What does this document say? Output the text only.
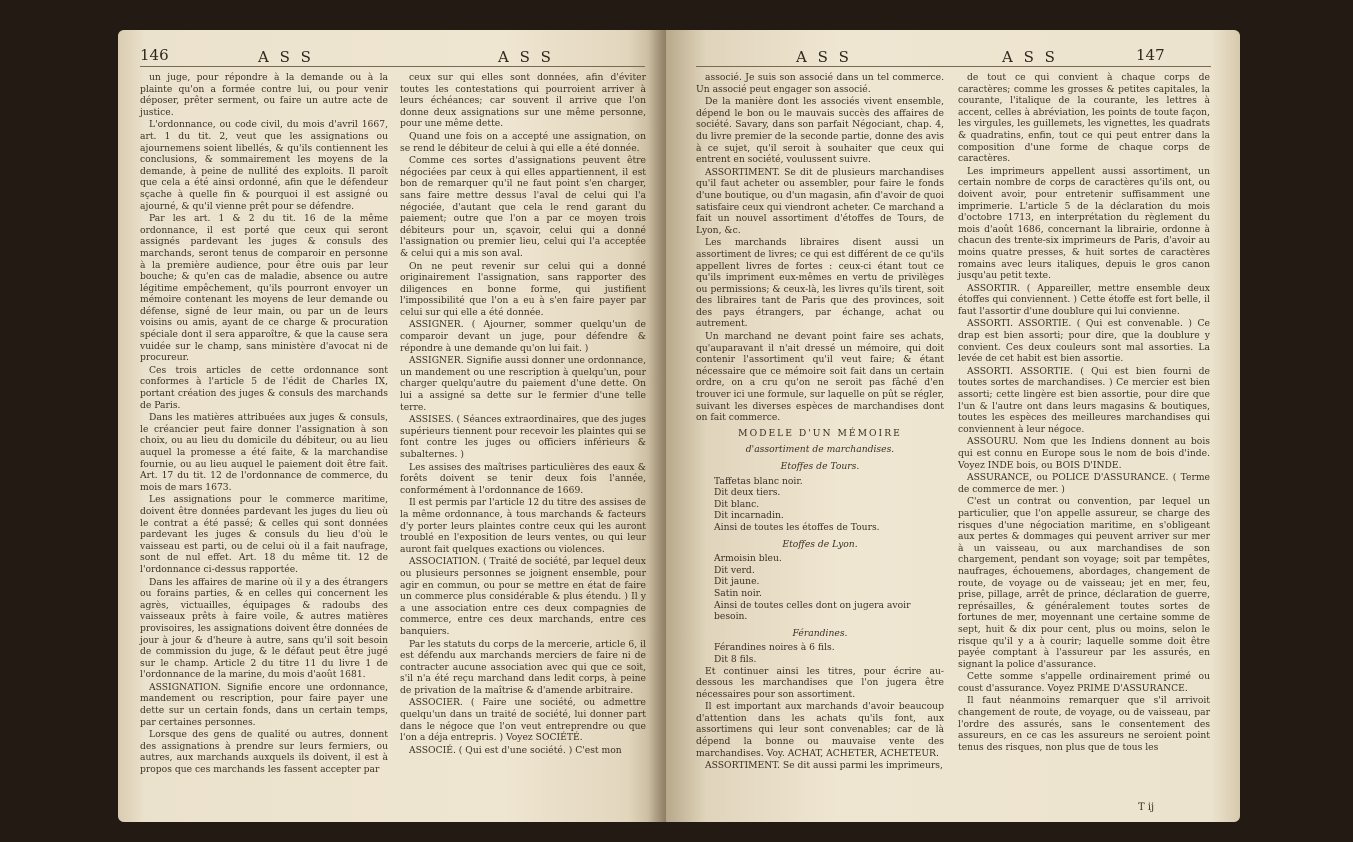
146	A S S	A S S

un juge, pour répondre à la demande ou à la plainte qu'on a formée contre lui, ou pour venir déposer, prêter serment, ou faire un autre acte de justice.

L'ordonnance, ou code civil, du mois d'avril 1667, art. 1 du tit. 2, veut que les assignations ou ajournemens soient libellés, & qu'ils contiennent les conclusions, & sommairement les moyens de la demande, à peine de nullité des exploits. Il paroît que cela a été ainsi ordonné, afin que le défendeur sçache à quelle fin & pourquoi il est assigné ou ajourné, & qu'il vienne prêt pour se défendre.

Par les art. 1 & 2 du tit. 16 de la même ordonnance, il est porté que ceux qui seront assignés pardevant les juges & consuls des marchands, seront tenus de comparoir en personne à la première audience, pour être ouis par leur bouche; & qu'en cas de maladie, absence ou autre légitime empêchement, qu'ils pourront envoyer un mémoire contenant les moyens de leur demande ou défense, signé de leur main, ou par un de leurs voisins ou amis, ayant de ce charge & procuration spéciale dont il sera apparoître, & que la cause sera vuidée sur le champ, sans ministère d'avocat ni de procureur.

Ces trois articles de cette ordonnance sont conformes à l'article 5 de l'édit de Charles IX, portant création des juges & consuls des marchands de Paris.

Dans les matières attribuées aux juges & consuls, le créancier peut faire donner l'assignation à son choix, ou au lieu du domicile du débiteur, ou au lieu auquel la promesse a été faite, & la marchandise fournie, ou au lieu auquel le paiement doit être fait. Art. 17 du tit. 12 de l'ordonnance de commerce, du mois de mars 1673.

Les assignations pour le commerce maritime, doivent être données pardevant les juges du lieu où le contrat a été passé; & celles qui sont données pardevant les juges & consuls du lieu d'où le vaisseau est parti, ou de celui où il a fait naufrage, sont de nul effet. Art. 18 du même tit. 12 de l'ordonnance ci-dessus rapportée.

Dans les affaires de marine où il y a des étrangers ou forains parties, & en celles qui concernent les agrès, victuailles, équipages & radoubs des vaisseaux prêts à faire voile, & autres matières provisoires, les assignations doivent être données de jour à jour & d'heure à autre, sans qu'il soit besoin de commission du juge, & le défaut peut être jugé sur le champ. Article 2 du titre 11 du livre 1 de l'ordonnance de la marine, du mois d'août 1681.

ASSIGNATION. Signifie encore une ordonnance, mandement ou rescription, pour faire payer une dette sur un certain fonds, dans un certain temps, par certaines personnes.

Lorsque des gens de qualité ou autres, donnent des assignations à prendre sur leurs fermiers, ou autres, aux marchands auxquels ils doivent, il est à propos que ces marchands les fassent accepter par

ceux sur qui elles sont données, afin d'éviter toutes les contestations qui pourroient arriver à leurs échéances; car souvent il arrive que l'on donne deux assignations sur une même personne, pour une même dette.

Quand une fois on a accepté une assignation, on se rend le débiteur de celui à qui elle a été donnée.

Comme ces sortes d'assignations peuvent être négociées par ceux à qui elles appartiennent, il est bon de remarquer qu'il ne faut point s'en charger, sans faire mettre dessus l'aval de celui qui l'a négociée, d'autant que cela le rend garant du paiement; outre que l'on a par ce moyen trois débiteurs pour un, sçavoir, celui qui a donné l'assignation ou premier lieu, celui qui l'a acceptée & celui qui a mis son aval.

On ne peut revenir sur celui qui a donné originairement l'assignation, sans rapporter des diligences en bonne forme, qui justifient l'impossibilité que l'on a eu à s'en faire payer par celui sur qui elle a été donnée.

ASSIGNER. ( Ajourner, sommer quelqu'un de comparoir devant un juge, pour défendre & répondre à une demande qu'on lui fait. )

ASSIGNER. Signifie aussi donner une ordonnance, un mandement ou une rescription à quelqu'un, pour charger quelqu'autre du paiement d'une dette. On lui a assigné sa dette sur le fermier d'une telle terre.

ASSISES. ( Séances extraordinaires, que des juges supérieurs tiennent pour recevoir les plaintes qui se font contre les juges ou officiers inférieurs & subalternes. )

Les assises des maîtrises particulières des eaux & forêts doivent se tenir deux fois l'année, conformément à l'ordonnance de 1669.

Il est permis par l'article 12 du titre des assises de la même ordonnance, à tous marchands & facteurs d'y porter leurs plaintes contre ceux qui les auront troublé en l'exposition de leurs ventes, ou qui leur auront fait quelques exactions ou violences.

ASSOCIATION. ( Traité de société, par lequel deux ou plusieurs personnes se joignent ensemble, pour agir en commun, ou pour se mettre en état de faire un commerce plus considérable & plus étendu. ) Il y a une association entre ces deux compagnies de commerce, entre ces deux marchands, entre ces banquiers.

Par les statuts du corps de la mercerie, article 6, il est défendu aux marchands merciers de faire ni de contracter aucune association avec qui que ce soit, s'il n'a été reçu marchand dans ledit corps, à peine de privation de la maîtrise & d'amende arbitraire.

ASSOCIER. ( Faire une société, ou admettre quelqu'un dans un traité de société, lui donner part dans le négoce que l'on veut entreprendre ou que l'on a déja entrepris. ) Voyez SOCIÉTÉ.

ASSOCIÉ. ( Qui est d'une société. ) C'est mon

A S S	A S S	147

associé. Je suis son associé dans un tel commerce. Un associé peut engager son associé.

De la manière dont les associés vivent ensemble, dépend le bon ou le mauvais succès des affaires de société. Savary, dans son parfait Négociant, chap. 4, du livre premier de la seconde partie, donne des avis à ce sujet, qu'il seroit à souhaiter que ceux qui entrent en société, voulussent suivre.

ASSORTIMENT. Se dit de plusieurs marchandises qu'il faut acheter ou assembler, pour faire le fonds d'une boutique, ou d'un magasin, afin d'avoir de quoi satisfaire ceux qui viendront acheter. Ce marchand a fait un nouvel assortiment d'étoffes de Tours, de Lyon, &c.

Les marchands libraires disent aussi un assortiment de livres; ce qui est différent de ce qu'ils appellent livres de fortes : ceux-ci étant tout ce qu'ils impriment eux-mêmes en vertu de privilèges ou permissions; & ceux-là, les livres qu'ils tirent, soit des libraires tant de Paris que des provinces, soit des pays étrangers, par échange, achat ou autrement.

Un marchand ne devant point faire ses achats, qu'auparavant il n'ait dressé un mémoire, qui doit contenir l'assortiment qu'il veut faire; & étant nécessaire que ce mémoire soit fait dans un certain ordre, on a cru qu'on ne seroit pas fâché d'en trouver ici une formule, sur laquelle on pût se régler, suivant les diverses espèces de marchandises dont on fait commerce.

MODELE D'UN MÉMOIRE

d'assortiment de marchandises.

Etoffes de Tours.

Taffetas blanc noir.

Dit deux tiers.

Dit blanc.

Dit incarnadin.

Ainsi de toutes les étoffes de Tours.

Etoffes de Lyon.

Armoisin bleu.

Dit verd.

Dit jaune.

Satin noir.

Ainsi de toutes celles dont on jugera avoir besoin.

Férandines.

Férandines noires à 6 fils.

Dit 8 fils.

Et continuer ainsi les titres, pour écrire au-dessous les marchandises que l'on jugera être nécessaires pour son assortiment.

Il est important aux marchands d'avoir beaucoup d'attention dans les achats qu'ils font, aux assortimens qui leur sont convenables; car de là dépend la bonne ou mauvaise vente des marchandises. Voy. ACHAT, ACHETER, ACHETEUR.

ASSORTIMENT. Se dit aussi parmi les imprimeurs,

de tout ce qui convient à chaque corps de caractères; comme les grosses & petites capitales, la courante, l'italique de la courante, les lettres à accent, celles à abréviation, les points de toute façon, les virgules, les guillemets, les vignettes, les quadrats & quadratins, enfin, tout ce qui peut entrer dans la composition d'une forme de chaque corps de caractères.

Les imprimeurs appellent aussi assortiment, un certain nombre de corps de caractères qu'ils ont, ou doivent avoir, pour entretenir suffisamment une imprimerie. L'article 5 de la déclaration du mois d'octobre 1713, en interprétation du règlement du mois d'août 1686, concernant la librairie, ordonne à chacun des trente-six imprimeurs de Paris, d'avoir au moins quatre presses, & huit sortes de caractères romains avec leurs italiques, depuis le gros canon jusqu'au petit texte.

ASSORTIR. ( Appareiller, mettre ensemble deux étoffes qui conviennent. ) Cette étoffe est fort belle, il faut l'assortir d'une doublure qui lui convienne.

ASSORTI. ASSORTIE. ( Qui est convenable. ) Ce drap est bien assorti; pour dire, que la doublure y convient. Ces deux couleurs sont mal assorties. La levée de cet habit est bien assortie.

ASSORTI. ASSORTIE. ( Qui est bien fourni de toutes sortes de marchandises. ) Ce mercier est bien assorti; cette lingère est bien assortie, pour dire que l'un & l'autre ont dans leurs magasins & boutiques, toutes les espèces des meilleures marchandises qui conviennent à leur négoce.

ASSOURU. Nom que les Indiens donnent au bois qui est connu en Europe sous le nom de bois d'inde. Voyez INDE bois, ou BOIS D'INDE.

ASSURANCE, ou POLICE D'ASSURANCE. ( Terme de commerce de mer. )

C'est un contrat ou convention, par lequel un particulier, que l'on appelle assureur, se charge des risques d'une négociation maritime, en s'obligeant aux pertes & dommages qui peuvent arriver sur mer à un vaisseau, ou aux marchandises de son chargement, pendant son voyage; soit par tempêtes, naufrages, échouemens, abordages, changement de route, de voyage ou de vaisseau; jet en mer, feu, prise, pillage, arrêt de prince, déclaration de guerre, représailles, & généralement toutes sortes de fortunes de mer, moyennant une certaine somme de sept, huit & dix pour cent, plus ou moins, selon le risque qu'il y a à courir; laquelle somme doit être payée comptant à l'assureur par les assurés, en signant la police d'assurance.

Cette somme s'appelle ordinairement primé ou coust d'assurance. Voyez PRIME D'ASSURANCE.

Il faut néanmoins remarquer que s'il arrivoit changement de route, de voyage, ou de vaisseau, par l'ordre des assurés, sans le consentement des assureurs, en ce cas les assureurs ne seroient point tenus des risques, non plus que de tous les

T ij
